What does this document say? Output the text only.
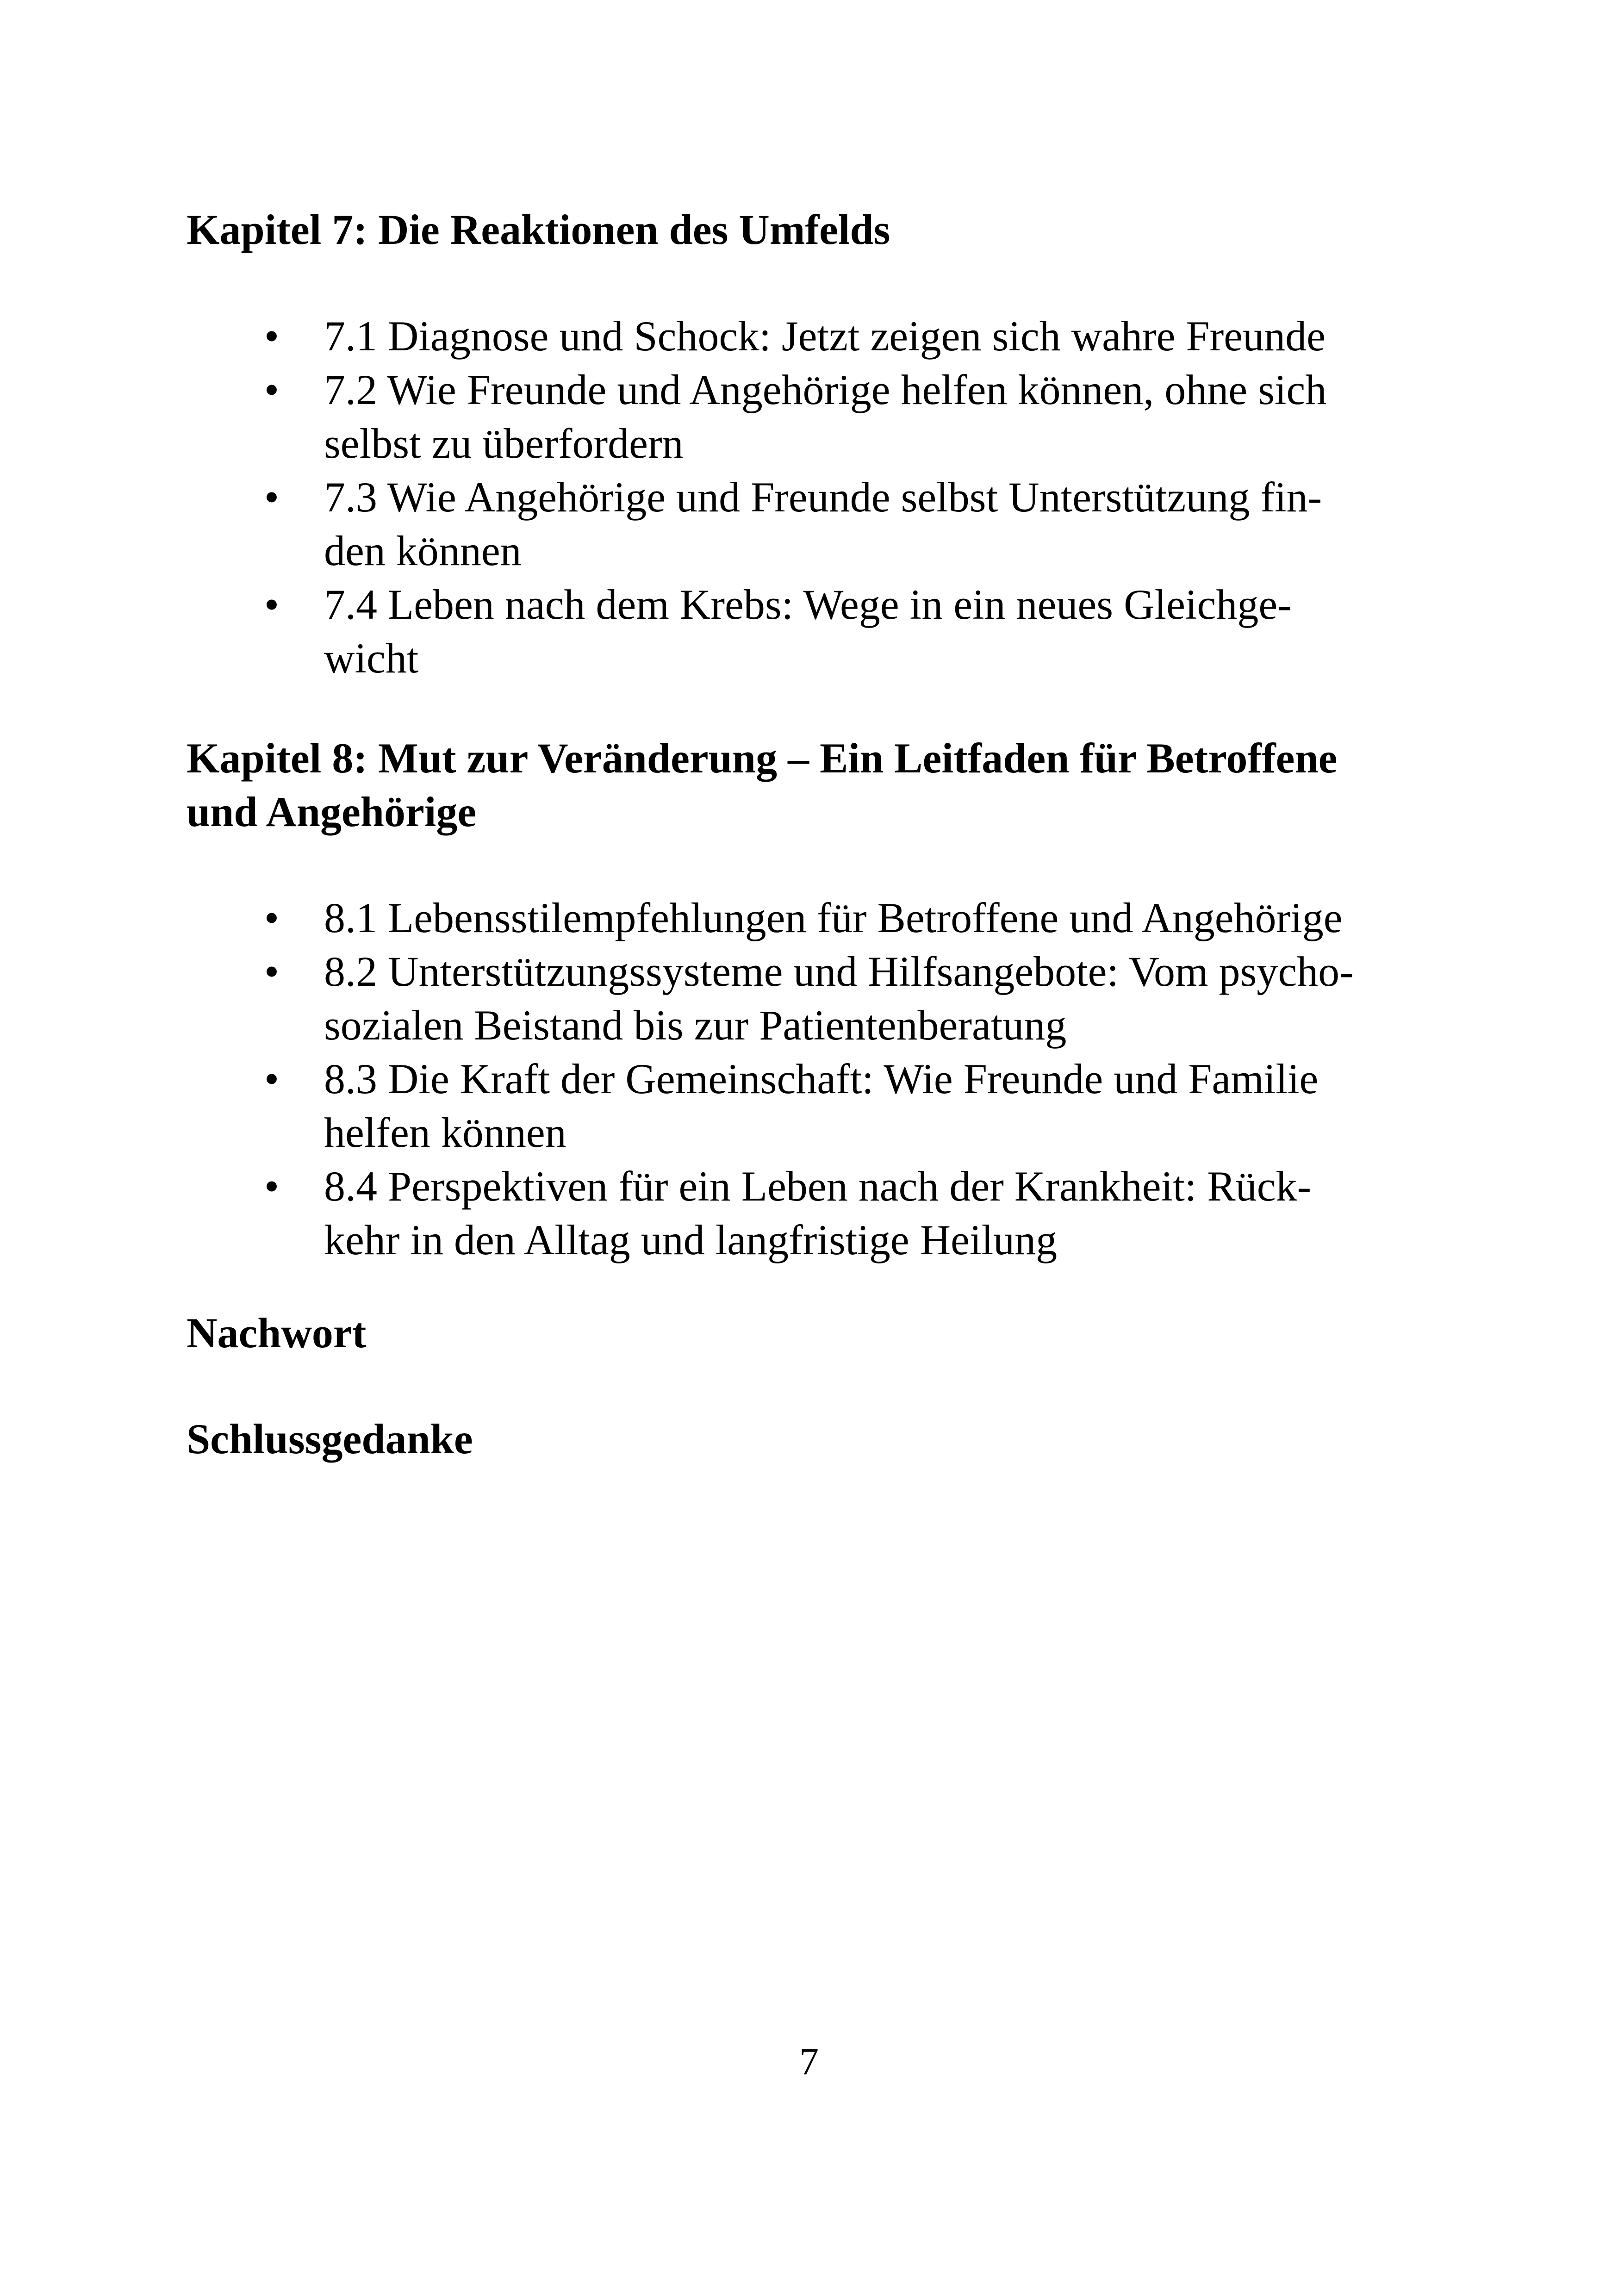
Kapitel 7: Die Reaktionen des Umfelds
• 7.1 Diagnose und Schock: Jetzt zeigen sich wahre Freunde
• 7.2 Wie Freunde und Angehörige helfen können, ohne sich
selbst zu überfordern
• 7.3 Wie Angehörige und Freunde selbst Unterstützung fin-
den können
• 7.4 Leben nach dem Krebs: Wege in ein neues Gleichge-
wicht
Kapitel 8: Mut zur Veränderung – Ein Leitfaden für Betroffene
und Angehörige
• 8.1 Lebensstilempfehlungen für Betroffene und Angehörige
• 8.2 Unterstützungssysteme und Hilfsangebote: Vom psycho-
sozialen Beistand bis zur Patientenberatung
• 8.3 Die Kraft der Gemeinschaft: Wie Freunde und Familie
helfen können
• 8.4 Perspektiven für ein Leben nach der Krankheit: Rück-
kehr in den Alltag und langfristige Heilung
Nachwort
Schlussgedanke
7
